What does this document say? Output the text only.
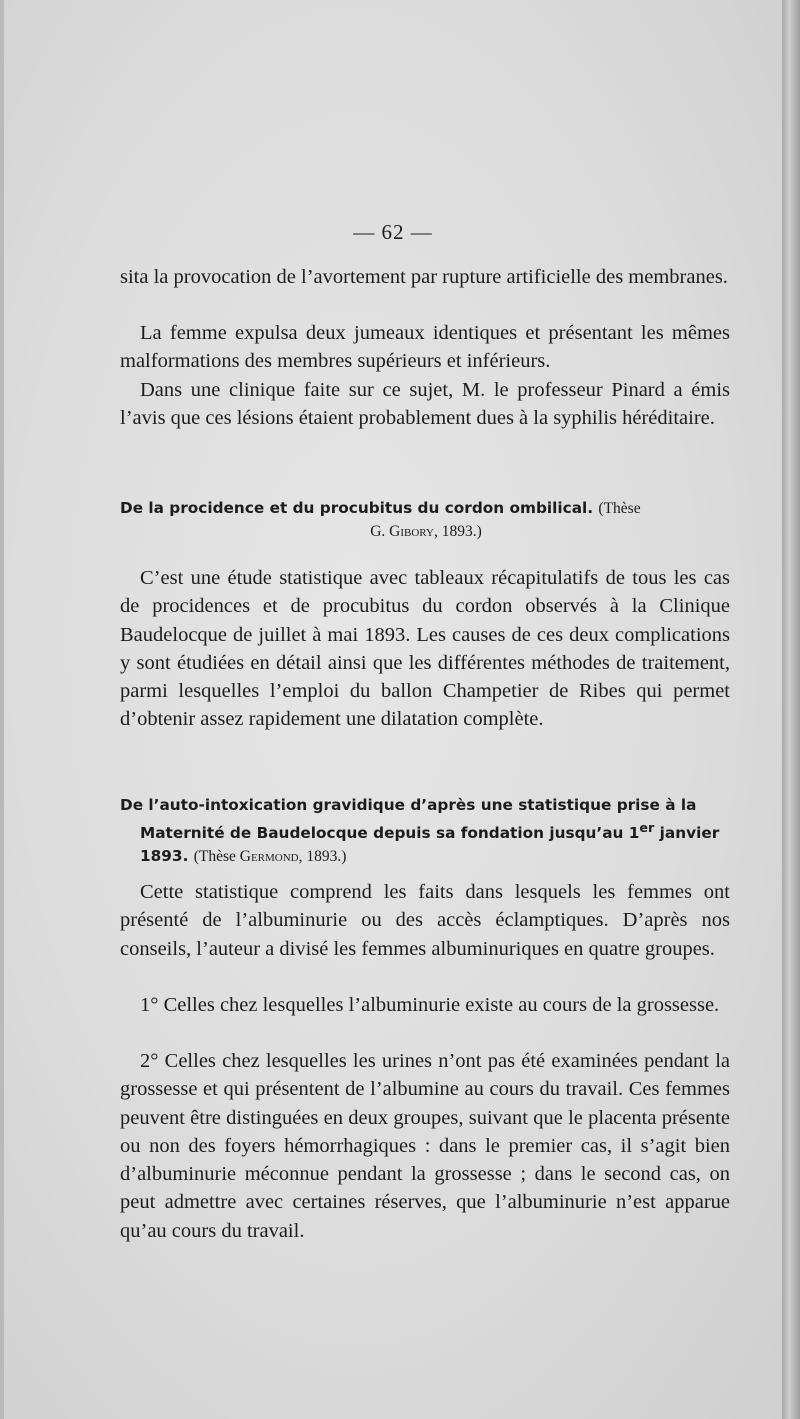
— 62 —

sita la provocation de l’avortement par rupture artificielle des membranes.

La femme expulsa deux jumeaux identiques et présentant les mêmes malformations des membres supérieurs et inférieurs.

Dans une clinique faite sur ce sujet, M. le professeur Pinard a émis l’avis que ces lésions étaient probablement dues à la syphilis héréditaire.

De la procidence et du procubitus du cordon ombilical. (Thèse
G. Gibory, 1893.)

C’est une étude statistique avec tableaux récapitulatifs de tous les cas de procidences et de procubitus du cordon observés à la Clinique Baudelocque de juillet à mai 1893. Les causes de ces deux complications y sont étudiées en détail ainsi que les différentes méthodes de traitement, parmi lesquelles l’emploi du ballon Champetier de Ribes qui permet d’obtenir assez rapidement une dilatation complète.

De l’auto-intoxication gravidique d’après une statistique prise à la Maternité de Baudelocque depuis sa fondation jusqu’au 1er janvier 1893. (Thèse Germond, 1893.)

Cette statistique comprend les faits dans lesquels les femmes ont présenté de l’albuminurie ou des accès éclamptiques. D’après nos conseils, l’auteur a divisé les femmes albuminuriques en quatre groupes.

1° Celles chez lesquelles l’albuminurie existe au cours de la grossesse.

2° Celles chez lesquelles les urines n’ont pas été examinées pendant la grossesse et qui présentent de l’albumine au cours du travail. Ces femmes peuvent être distinguées en deux groupes, suivant que le placenta présente ou non des foyers hémorrhagiques : dans le premier cas, il s’agit bien d’albuminurie méconnue pendant la grossesse ; dans le second cas, on peut admettre avec certaines réserves, que l’albuminurie n’est apparue qu’au cours du travail.
